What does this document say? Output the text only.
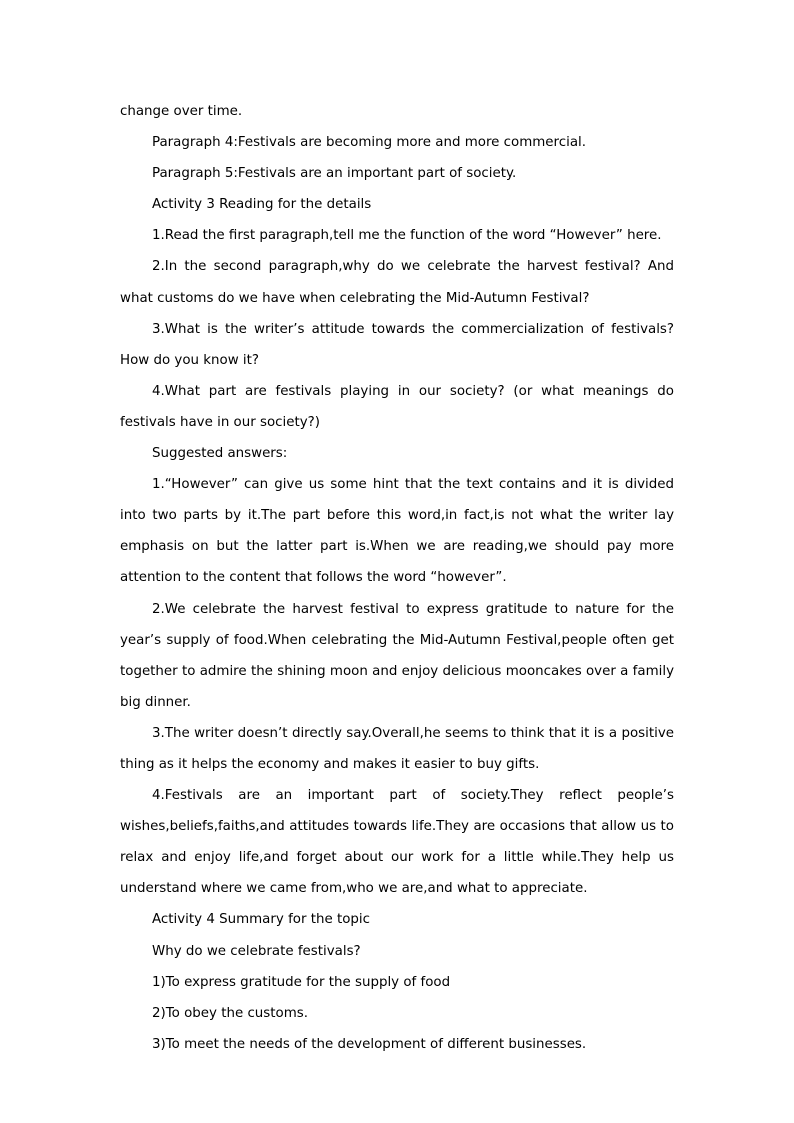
change over time.

Paragraph 4:Festivals are becoming more and more commercial.

Paragraph 5:Festivals are an important part of society.

Activity 3 Reading for the details

1.Read the first paragraph,tell me the function of the word “However” here.

2.In the second paragraph,why do we celebrate the harvest festival? And what customs do we have when celebrating the Mid-Autumn Festival?

3.What is the writer’s attitude towards the commercialization of festivals? How do you know it?

4.What part are festivals playing in our society? (or what meanings do festivals have in our society?)

Suggested answers:

1.“However” can give us some hint that the text contains and it is divided into two parts by it.The part before this word,in fact,is not what the writer lay emphasis on but the latter part is.When we are reading,we should pay more attention to the content that follows the word “however”.

2.We celebrate the harvest festival to express gratitude to nature for the year’s supply of food.When celebrating the Mid-Autumn Festival,people often get together to admire the shining moon and enjoy delicious mooncakes over a family big dinner.

3.The writer doesn’t directly say.Overall,he seems to think that it is a positive thing as it helps the economy and makes it easier to buy gifts.

4.Festivals are an important part of society.They reflect people’s wishes,beliefs,faiths,and attitudes towards life.They are occasions that allow us to relax and enjoy life,and forget about our work for a little while.They help us understand where we came from,who we are,and what to appreciate.

Activity 4 Summary for the topic

Why do we celebrate festivals?

1)To express gratitude for the supply of food

2)To obey the customs.

3)To meet the needs of the development of different businesses.
